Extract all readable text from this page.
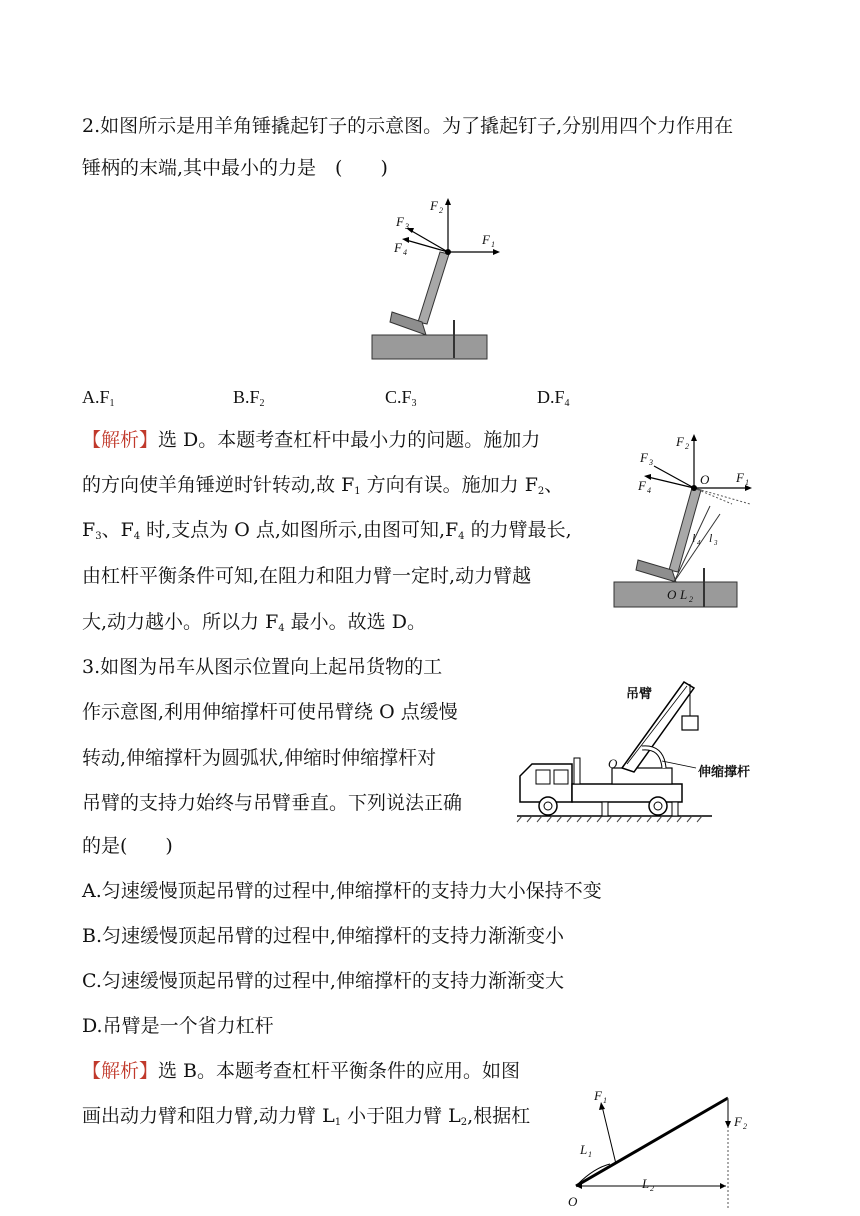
2.如图所示是用羊角锤撬起钉子的示意图。为了撬起钉子,分别用四个力作用在
锤柄的末端,其中最小的力是　(　　)
F 2
F 3
F 4
F 1
$A.F_1$	$B.F_2$	$C.F_3$	$D.F_4$
【解析】选 D。本题考查杠杆中最小力的问题。施加力
的方向使羊角锤逆时针转动,故 $F_1$ 方向有误。施加力 $F_2$、
$F_3$、$F_4$ 时,支点为 O 点,如图所示,由图可知$,F_4$ 的力臂最长,
由杠杆平衡条件可知,在阻力和阻力臂一定时,动力臂越
大,动力越小。所以力 $F_4$ 最小。故选 D。
F 2
F 3
F 4
F 1
O
l 4 l 3
O L 2
3.如图为吊车从图示位置向上起吊货物的工
作示意图,利用伸缩撑杆可使吊臂绕 O 点缓慢
转动,伸缩撑杆为圆弧状,伸缩时伸缩撑杆对
吊臂的支持力始终与吊臂垂直。下列说法正确
的是(　　)
吊臂
伸缩撑杆
O
A.匀速缓慢顶起吊臂的过程中,伸缩撑杆的支持力大小保持不变
B.匀速缓慢顶起吊臂的过程中,伸缩撑杆的支持力渐渐变小
C.匀速缓慢顶起吊臂的过程中,伸缩撑杆的支持力渐渐变大
D.吊臂是一个省力杠杆
【解析】选 B。本题考查杠杆平衡条件的应用。如图
画出动力臂和阻力臂,动力臂 $L_1$ 小于阻力臂 $L_2$,根据杠
F 1
F 2
L 1
L 2
O
